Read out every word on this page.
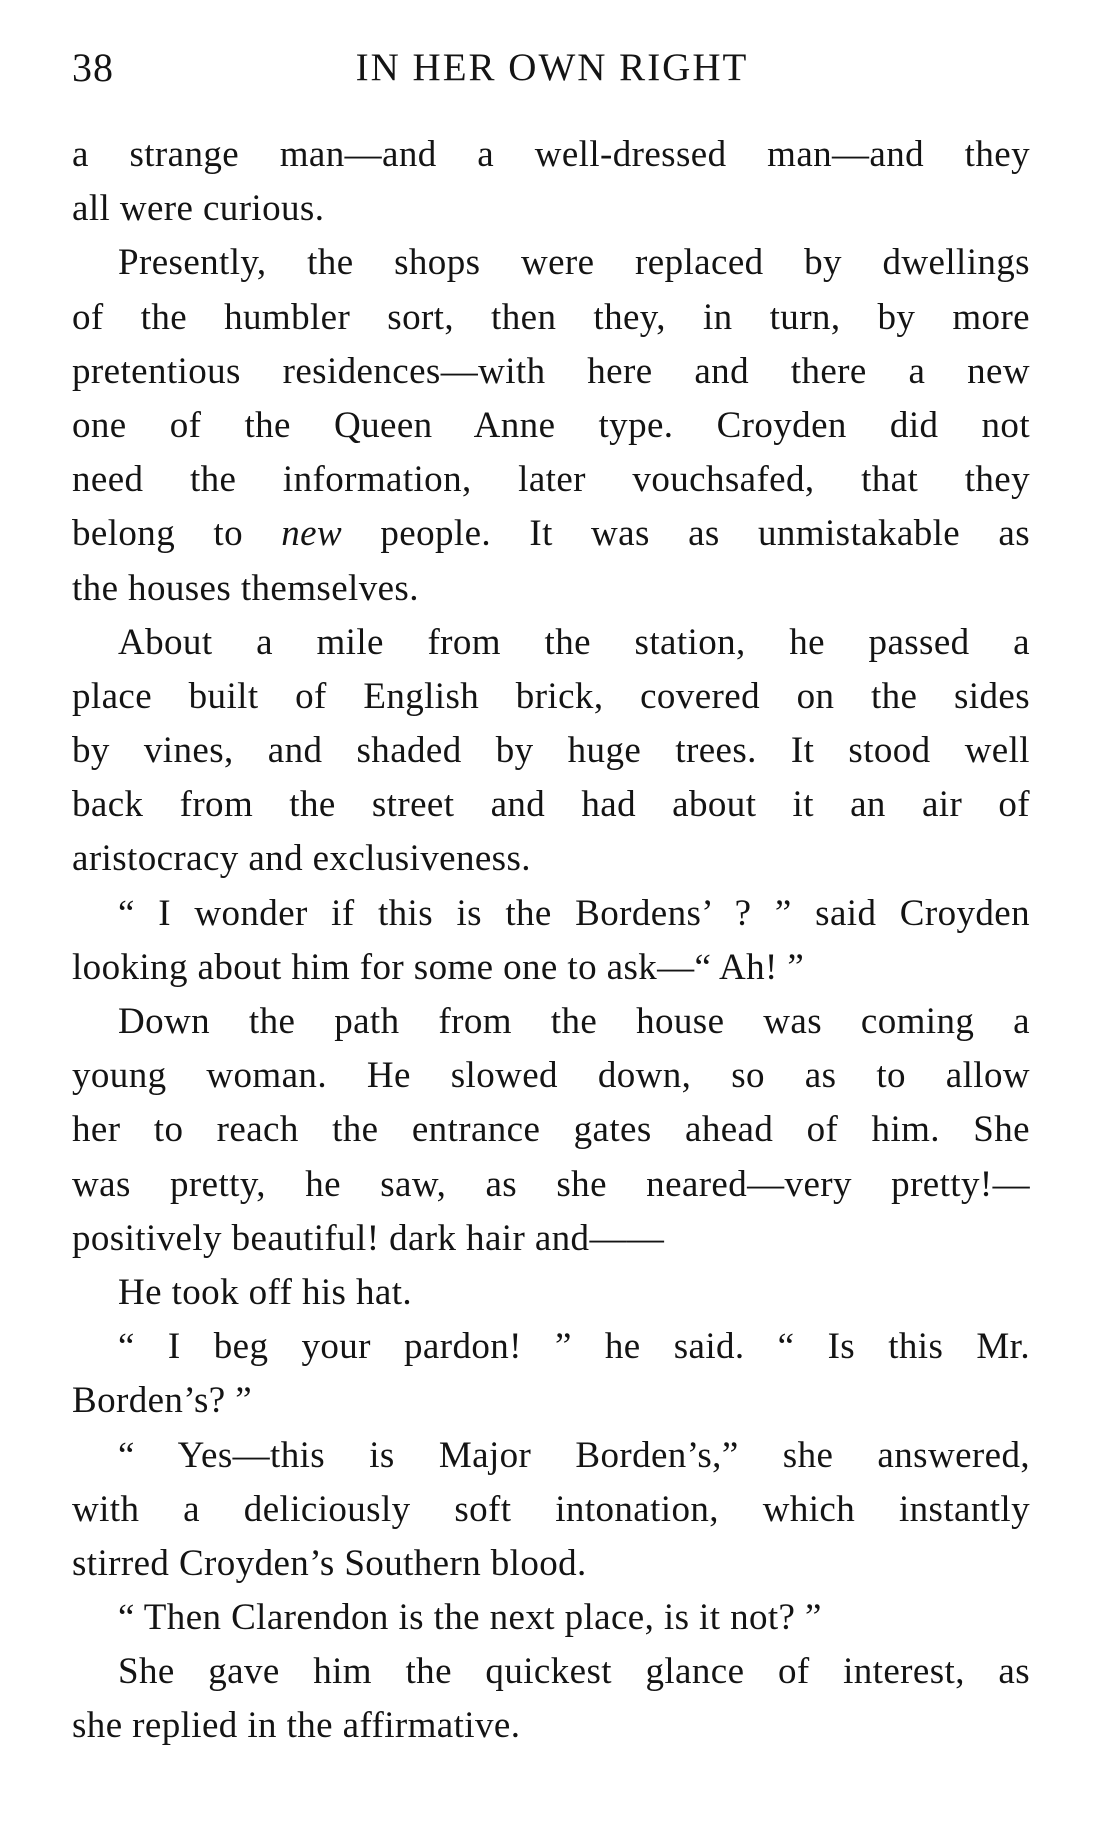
38	IN HER OWN RIGHT
a strange man—and a well-dressed man—and they
all were curious.
Presently, the shops were replaced by dwellings
of the humbler sort, then they, in turn, by more
pretentious residences—with here and there a new
one of the Queen Anne type. Croyden did not
need the information, later vouchsafed, that they
belong to new people. It was as unmistakable as
the houses themselves.
About a mile from the station, he passed a
place built of English brick, covered on the sides
by vines, and shaded by huge trees. It stood well
back from the street and had about it an air of
aristocracy and exclusiveness.
“ I wonder if this is the Bordens’ ? ” said Croyden
looking about him for some one to ask—“ Ah! ”
Down the path from the house was coming a
young woman. He slowed down, so as to allow
her to reach the entrance gates ahead of him. She
was pretty, he saw, as she neared—very pretty!—
positively beautiful! dark hair and——
He took off his hat.
“ I beg your pardon! ” he said. “ Is this Mr.
Borden’s? ”
“ Yes—this is Major Borden’s,” she answered,
with a deliciously soft intonation, which instantly
stirred Croyden’s Southern blood.
“ Then Clarendon is the next place, is it not? ”
She gave him the quickest glance of interest, as
she replied in the affirmative.
